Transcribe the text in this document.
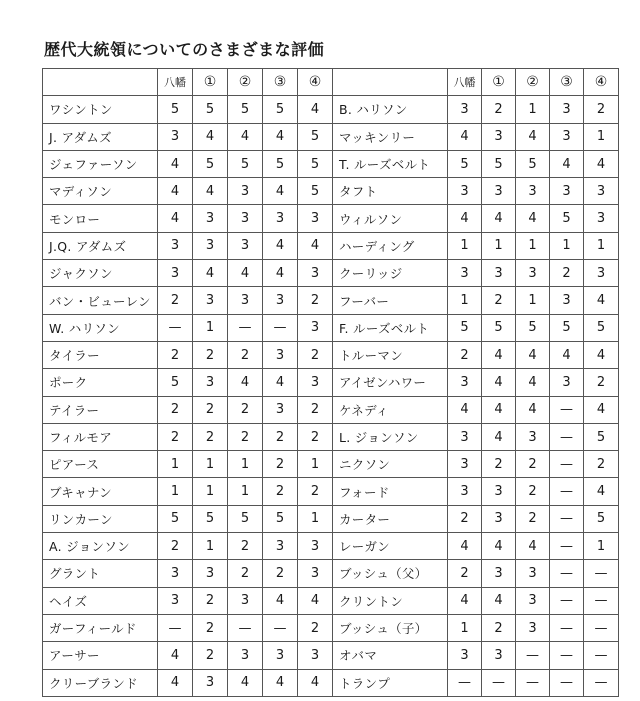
歴代大統領についてのさまざまな評価
	八幡	①	②	③	④		八幡	①	②	③	④
ワシントン	5	5	5	5	4	B. ハリソン	3	2	1	3	2
J. アダムズ	3	4	4	4	5	マッキンリー	4	3	4	3	1
ジェファーソン	4	5	5	5	5	T. ルーズベルト	5	5	5	4	4
マディソン	4	4	3	4	5	タフト	3	3	3	3	3
モンロー	4	3	3	3	3	ウィルソン	4	4	4	5	3
J.Q. アダムズ	3	3	3	4	4	ハーディング	1	1	1	1	1
ジャクソン	3	4	4	4	3	クーリッジ	3	3	3	2	3
バン・ビューレン	2	3	3	3	2	フーバー	1	2	1	3	4
W. ハリソン	—	1	—	—	3	F. ルーズベルト	5	5	5	5	5
タイラー	2	2	2	3	2	トルーマン	2	4	4	4	4
ポーク	5	3	4	4	3	アイゼンハワー	3	4	4	3	2
テイラー	2	2	2	3	2	ケネディ	4	4	4	—	4
フィルモア	2	2	2	2	2	L. ジョンソン	3	4	3	—	5
ピアース	1	1	1	2	1	ニクソン	3	2	2	—	2
ブキャナン	1	1	1	2	2	フォード	3	3	2	—	4
リンカーン	5	5	5	5	1	カーター	2	3	2	—	5
A. ジョンソン	2	1	2	3	3	レーガン	4	4	4	—	1
グラント	3	3	2	2	3	ブッシュ（父）	2	3	3	—	—
ヘイズ	3	2	3	4	4	クリントン	4	4	3	—	—
ガーフィールド	—	2	—	—	2	ブッシュ（子）	1	2	3	—	—
アーサー	4	2	3	3	3	オバマ	3	3	—	—	—
クリーブランド	4	3	4	4	4	トランプ	—	—	—	—	—
